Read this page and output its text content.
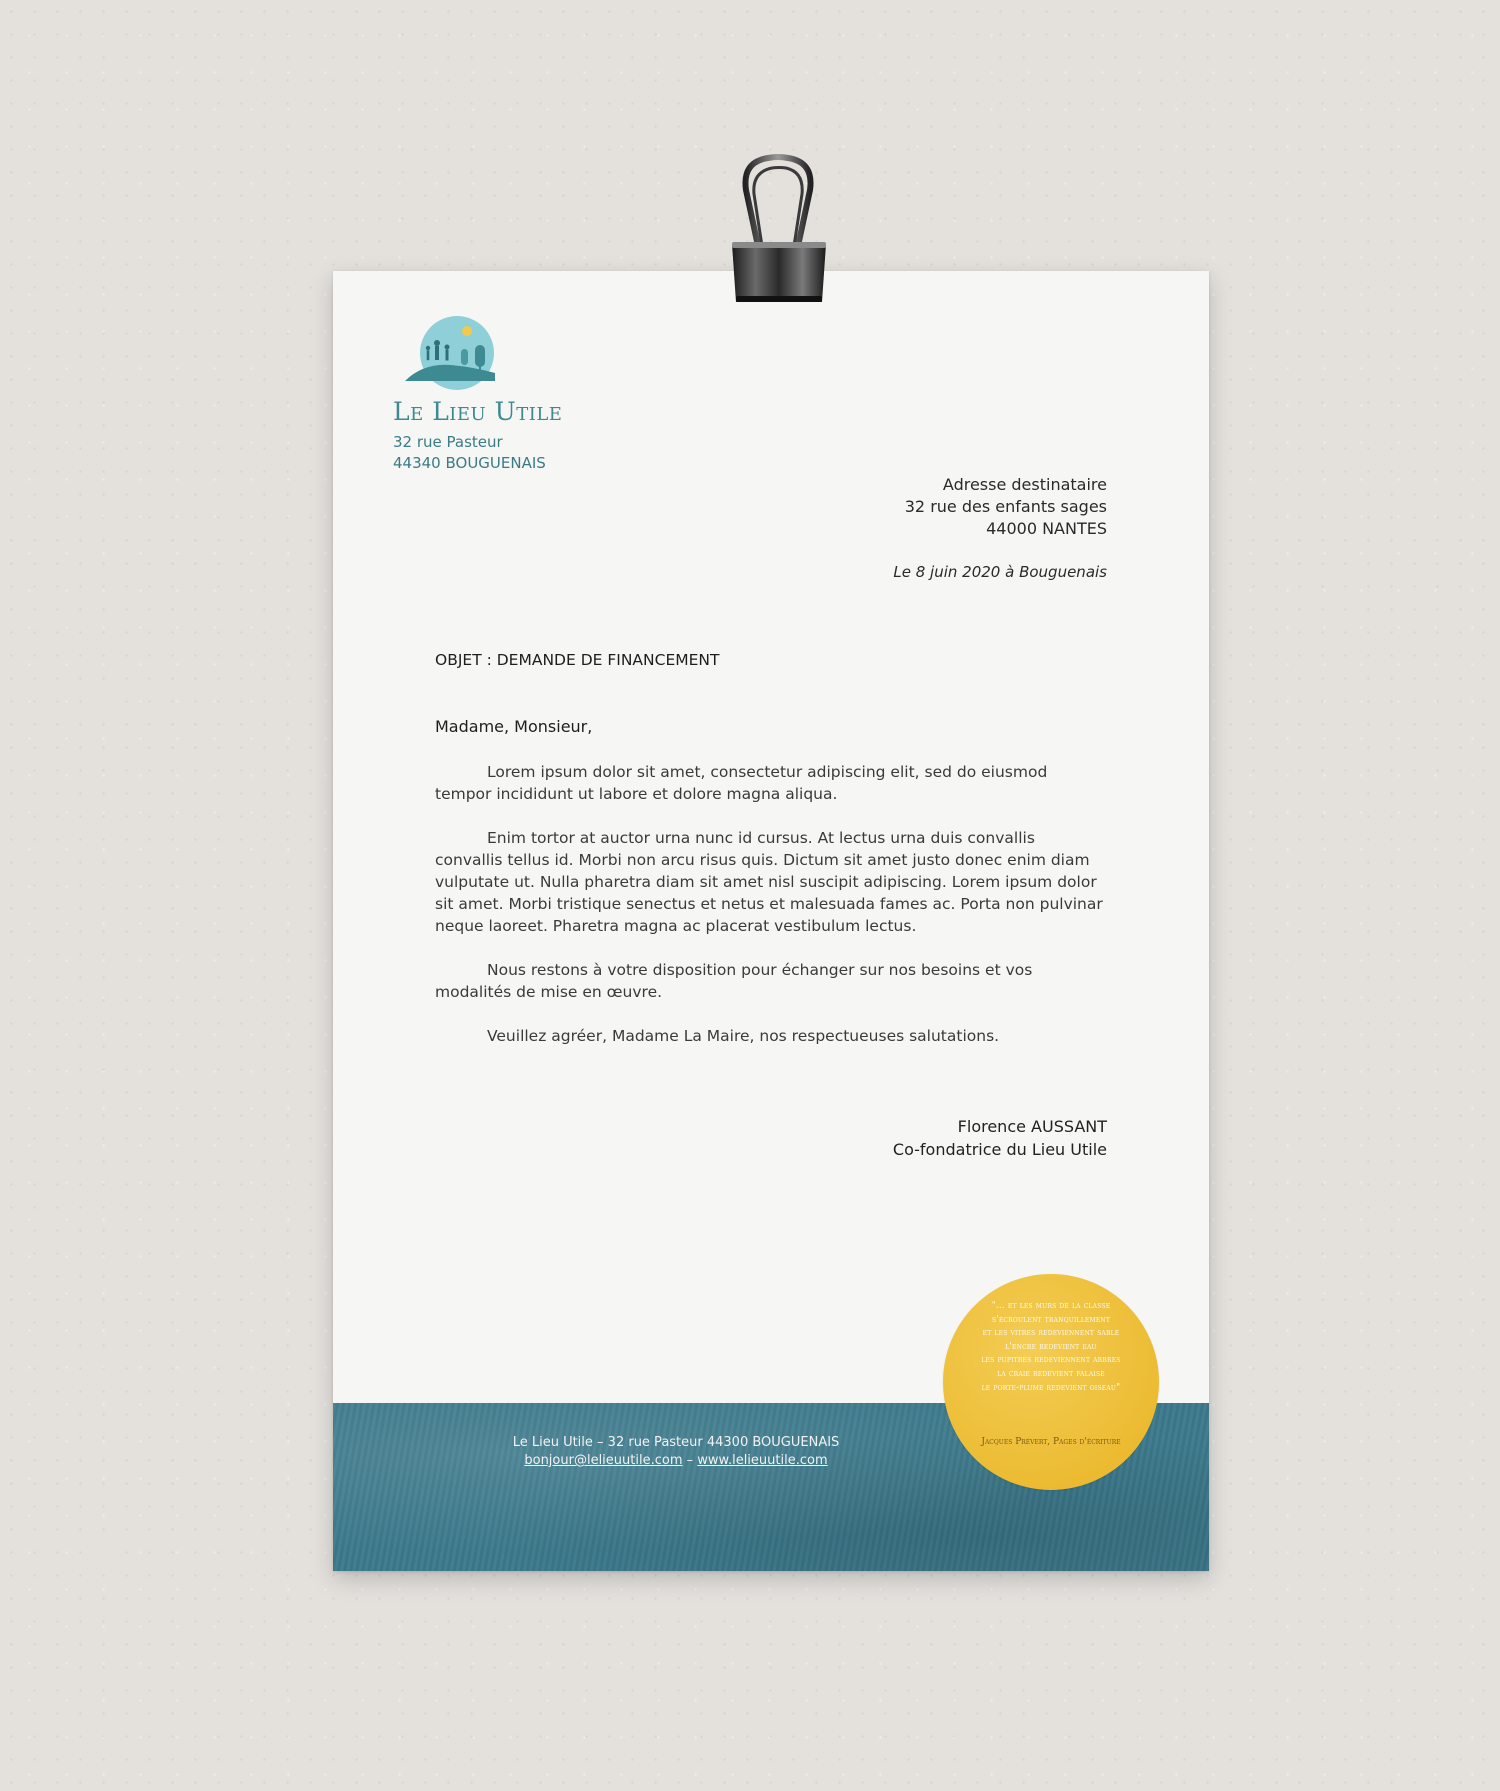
Le Lieu Utile
32 rue Pasteur
44340 BOUGUENAIS
Adresse destinataire
32 rue des enfants sages
44000 NANTES
Le 8 juin 2020 à Bouguenais
OBJET : DEMANDE DE FINANCEMENT
Madame, Monsieur,

Lorem ipsum dolor sit amet, consectetur adipiscing elit, sed do eiusmod tempor incididunt ut labore et dolore magna aliqua.

Enim tortor at auctor urna nunc id cursus. At lectus urna duis convallis convallis tellus id. Morbi non arcu risus quis. Dictum sit amet justo donec enim diam vulputate ut. Nulla pharetra diam sit amet nisl suscipit adipiscing. Lorem ipsum dolor sit amet. Morbi tristique senectus et netus et malesuada fames ac. Porta non pulvinar neque laoreet. Pharetra magna ac placerat vestibulum lectus.

Nous restons à votre disposition pour échanger sur nos besoins et vos modalités de mise en œuvre.

Veuillez agréer, Madame La Maire, nos respectueuses salutations.

Florence AUSSANT
Co-fondatrice du Lieu Utile
Le Lieu Utile – 32 rue Pasteur 44300 BOUGUENAIS
bonjour@lelieuutile.com – www.lelieuutile.com
"... et les murs de la classe
s'écroulent tranquillement
et les vitres redeviennent sable
l'encre redevient eau
les pupitres redeviennent arbres
la craie redevient falaise
le porte-plume redevient oiseau"
Jacques Prévert, Pages d'écriture
